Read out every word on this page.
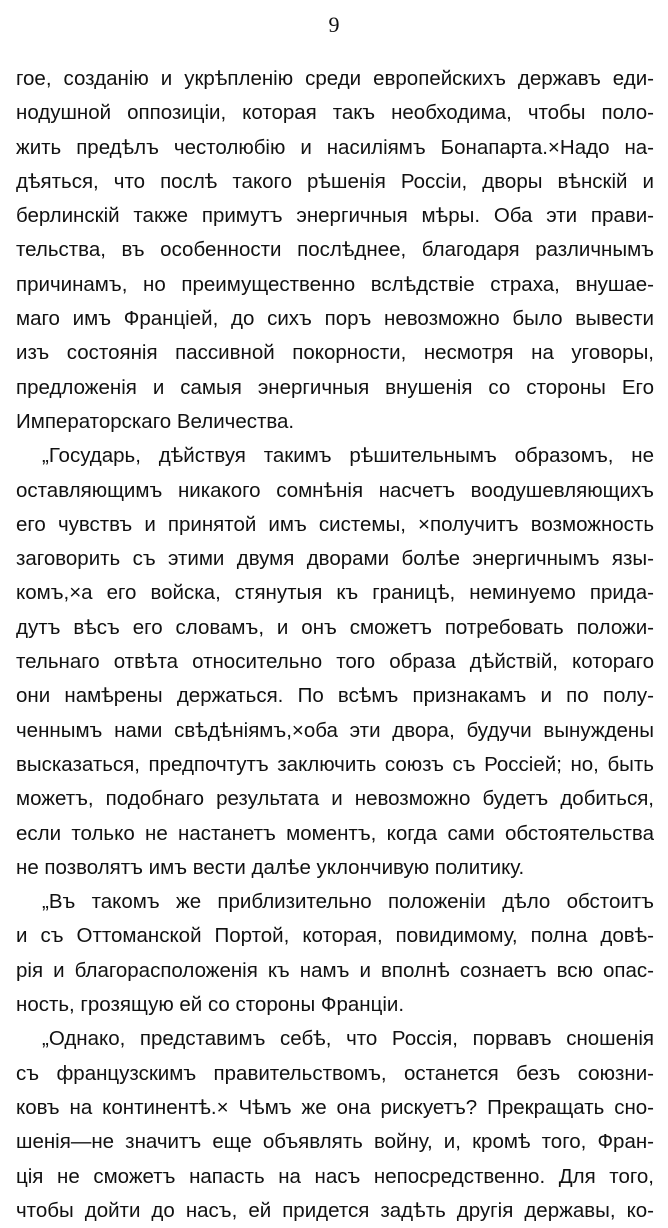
9
гое, созданію и укрѣпленію среди европейскихъ державъ еди-
нодушной оппозиціи, которая такъ необходима, чтобы поло-
жить предѣлъ честолюбію и насиліямъ Бонапарта.×Надо на-
дѣяться, что послѣ такого рѣшенія Россіи, дворы вѣнскій и
берлинскій также примутъ энергичныя мѣры. Оба эти прави-
тельства, въ особенности послѣднее, благодаря различнымъ
причинамъ, но преимущественно вслѣдствіе страха, внушае-
маго имъ Франціей, до сихъ поръ невозможно было вывести
изъ состоянія пассивной покорности, несмотря на уговоры,
предложенія и самыя энергичныя внушенія со стороны Его
Императорскаго Величества.
„Государь, дѣйствуя такимъ рѣшительнымъ образомъ, не
оставляющимъ никакого сомнѣнія насчетъ воодушевляющихъ
его чувствъ и принятой имъ системы, ×получитъ возможность
заговорить съ этими двумя дворами болѣе энергичнымъ язы-
комъ,×а его войска, стянутыя къ границѣ, неминуемо прида-
дутъ вѣсъ его словамъ, и онъ сможетъ потребовать положи-
тельнаго отвѣта относительно того образа дѣйствій, котораго
они намѣрены держаться. По всѣмъ признакамъ и по полу-
ченнымъ нами свѣдѣніямъ,×оба эти двора, будучи вынуждены
высказаться, предпочтутъ заключить союзъ съ Россіей; но, быть
можетъ, подобнаго результата и невозможно будетъ добиться,
если только не настанетъ моментъ, когда сами обстоятельства
не позволятъ имъ вести далѣе уклончивую политику.
„Въ такомъ же приблизительно положеніи дѣло обстоитъ
и съ Оттоманской Портой, которая, повидимому, полна довѣ-
рія и благорасположенія къ намъ и вполнѣ сознаетъ всю опас-
ность, грозящую ей со стороны Франціи.
„Однако, представимъ себѣ, что Россія, порвавъ сношенія
съ французскимъ правительствомъ, останется безъ союзни-
ковъ на континентѣ.× Чѣмъ же она рискуетъ? Прекращать сно-
шенія—не значитъ еще объявлять войну, и, кромѣ того, Фран-
ція не сможетъ напасть на насъ непосредственно. Для того,
чтобы дойти до насъ, ей придется задѣть другія державы, ко-
